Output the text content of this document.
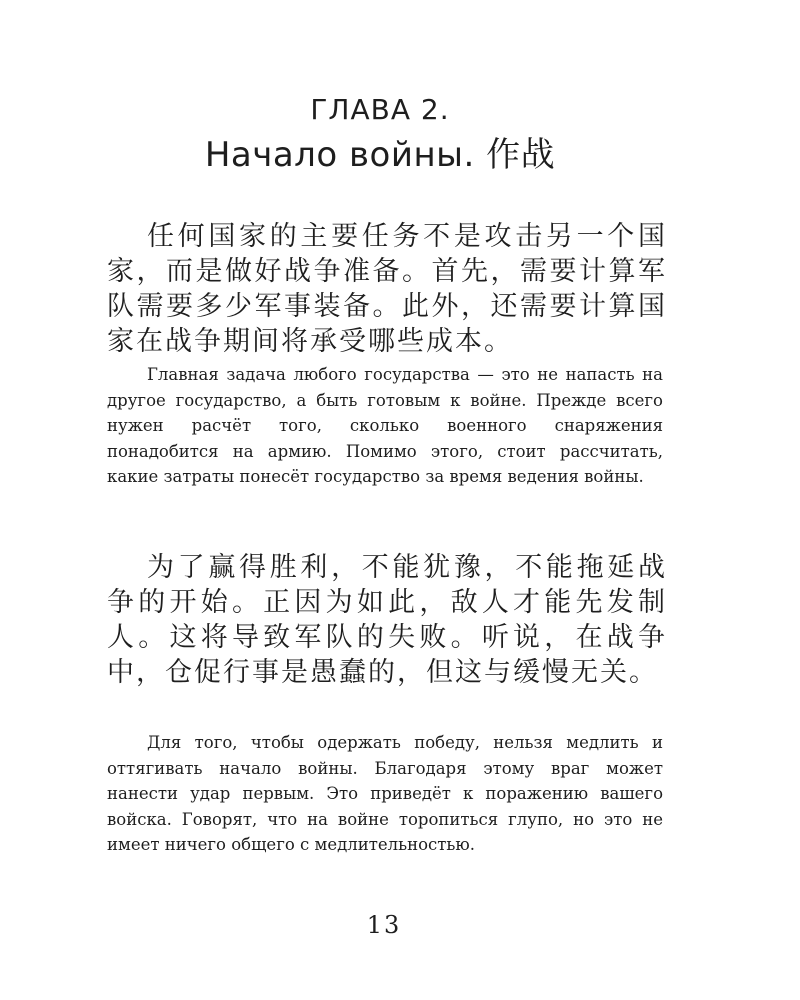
ГЛАВА 2.
Начало войны. 作战

任何国家的主要任务不是攻击另一个国家，而是做好战争准备。首先，需要计算军队需要多少军事装备。此外，还需要计算国家在战争期间将承受哪些成本。

Главная задача любого государства — это не напасть на другое государство, а быть готовым к войне. Прежде всего нужен расчёт того, сколько военного снаряжения понадобится на армию. Помимо этого, стоит рассчитать, какие затраты понесёт государство за время ведения войны.

为了赢得胜利，不能犹豫，不能拖延战争的开始。正因为如此，敌人才能先发制人。这将导致军队的失败。听说，在战争中，仓促行事是愚蠢的，但这与缓慢无关。

Для того, чтобы одержать победу, нельзя медлить и оттягивать начало войны. Благодаря этому враг может нанести удар первым. Это приведёт к поражению вашего войска. Говорят, что на войне торопиться глупо, но это не имеет ничего общего с медлительностью.

13
